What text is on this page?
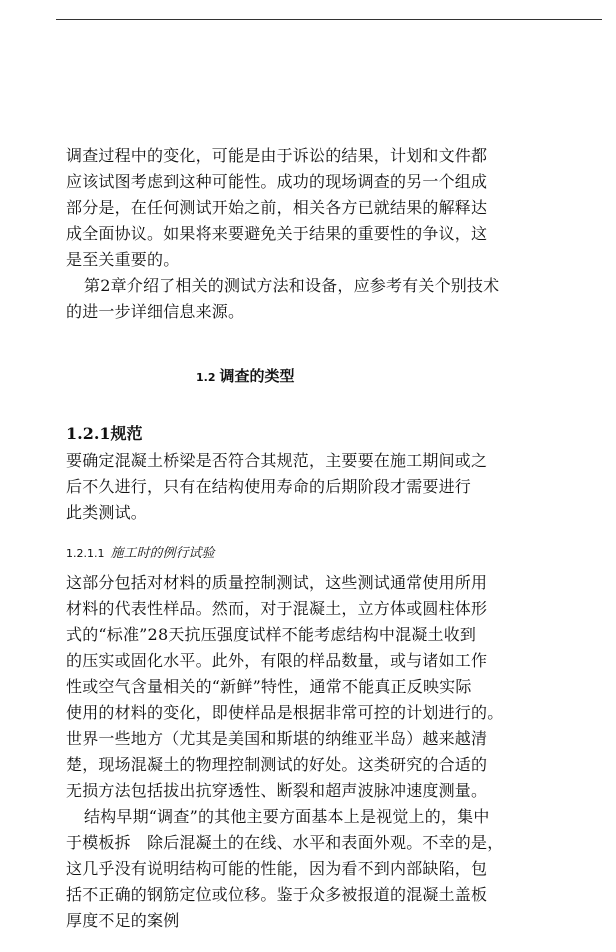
调查过程中的变化，可能是由于诉讼的结果，计划和文件都
应该试图考虑到这种可能性。成功的现场调查的另一个组成
部分是，在任何测试开始之前，相关各方已就结果的解释达
成全面协议。如果将来要避免关于结果的重要性的争议，这
是至关重要的。
第2章介绍了相关的测试方法和设备，应参考有关个别技术
的进一步详细信息来源。
1.2 调查的类型
1.2.1规范
要确定混凝土桥梁是否符合其规范，主要要在施工期间或之
后不久进行，只有在结构使用寿命的后期阶段才需要进行
此类测试。
1.2.1.1 施工时的例行试验
这部分包括对材料的质量控制测试，这些测试通常使用所用
材料的代表性样品。然而，对于混凝土，立方体或圆柱体形
式的“标准”28天抗压强度试样不能考虑结构中混凝土收到
的压实或固化水平。此外，有限的样品数量，或与诸如工作
性或空气含量相关的“新鲜”特性，通常不能真正反映实际
使用的材料的变化，即使样品是根据非常可控的计划进行的。
世界一些地方（尤其是美国和斯堪的纳维亚半岛）越来越清
楚，现场混凝土的物理控制测试的好处。这类研究的合适的
无损方法包括拔出抗穿透性、断裂和超声波脉冲速度测量。
结构早期“调查”的其他主要方面基本上是视觉上的，集中
于模板拆　除后混凝土的在线、水平和表面外观。不幸的是，
这几乎没有说明结构可能的性能，因为看不到内部缺陷，包
括不正确的钢筋定位或位移。鉴于众多被报道的混凝土盖板
厚度不足的案例
